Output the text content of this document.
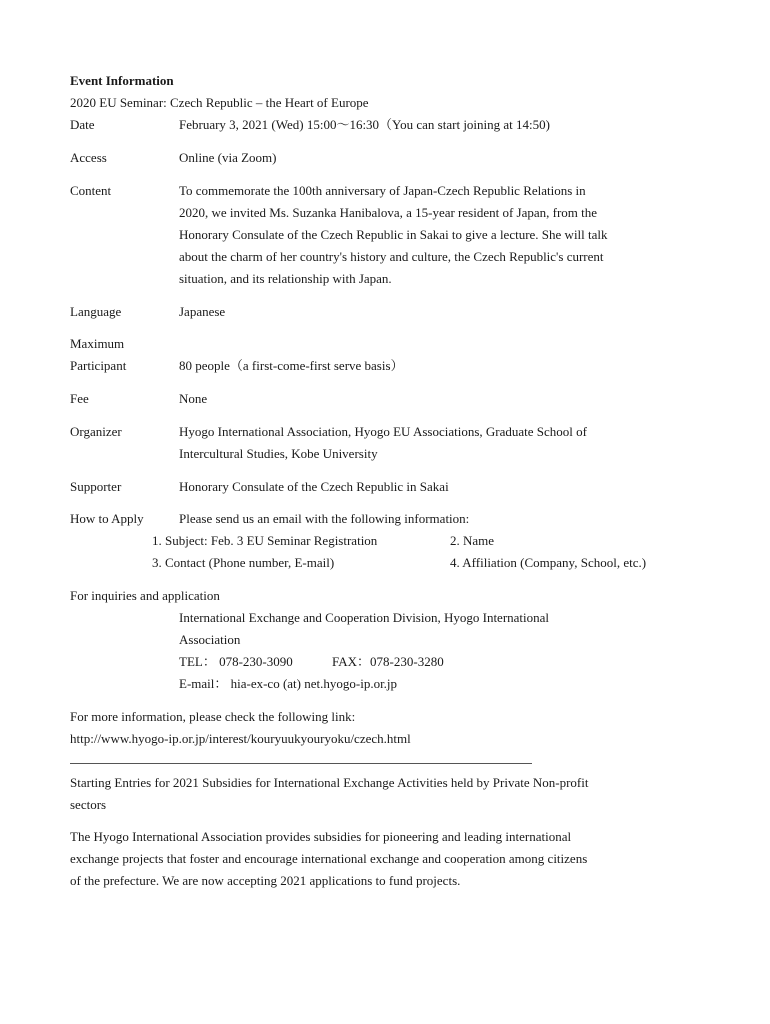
Event Information
2020 EU Seminar: Czech Republic – the Heart of Europe
Date	February 3, 2021 (Wed) 15:00～16:30（You can start joining at 14:50)
Access	Online (via Zoom)
Content	To commemorate the 100th anniversary of Japan-Czech Republic Relations in
2020, we invited Ms. Suzanka Hanibalova, a 15-year resident of Japan, from the
Honorary Consulate of the Czech Republic in Sakai to give a lecture. She will talk
about the charm of her country's history and culture, the Czech Republic's current
situation, and its relationship with Japan.
Language	Japanese
Maximum
Participant	80 people（a first-come-first serve basis）
Fee	None
Organizer	Hyogo International Association, Hyogo EU Associations, Graduate School of
Intercultural Studies, Kobe University
Supporter	Honorary Consulate of the Czech Republic in Sakai
How to Apply	Please send us an email with the following information:
1. Subject: Feb. 3 EU Seminar Registration	2. Name
3. Contact (Phone number, E-mail)	4. Affiliation (Company, School, etc.)
For inquiries and application
International Exchange and Cooperation Division, Hyogo International
Association
TEL： 078-230-3090	FAX：078-230-3280
E-mail： hia-ex-co (at) net.hyogo-ip.or.jp
For more information, please check the following link:
http://www.hyogo-ip.or.jp/interest/kouryuukyouryoku/czech.html
Starting Entries for 2021 Subsidies for International Exchange Activities held by Private Non-profit
sectors
The Hyogo International Association provides subsidies for pioneering and leading international
exchange projects that foster and encourage international exchange and cooperation among citizens
of the prefecture. We are now accepting 2021 applications to fund projects.
